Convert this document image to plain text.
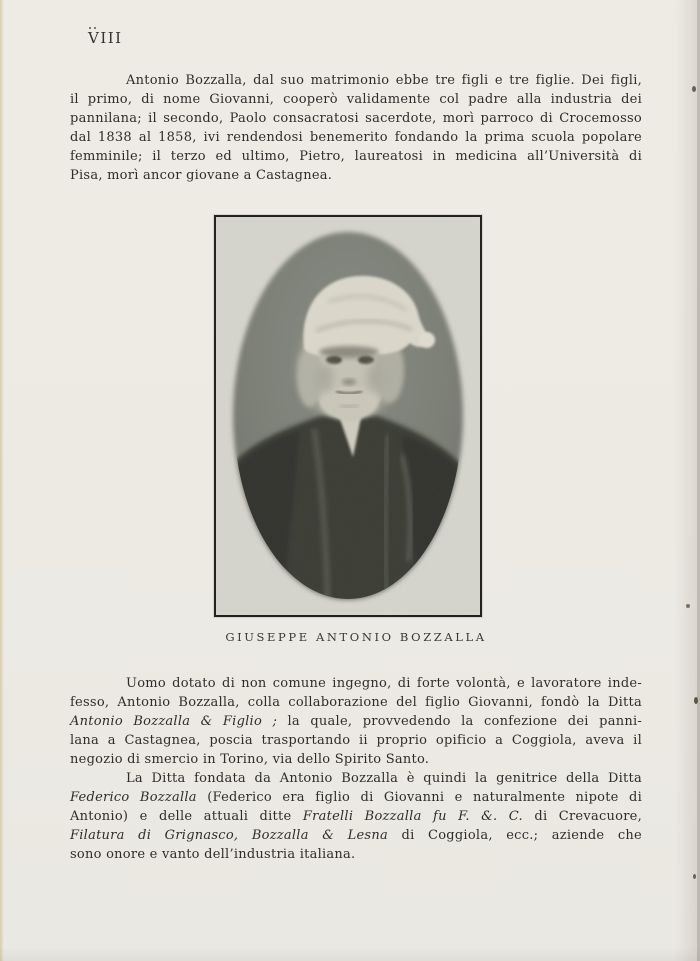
VIII
Antonio Bozzalla, dal suo matrimonio ebbe tre figli e tre figlie. Dei figli,
il primo, di nome Giovanni, cooperò validamente col padre alla industria dei
pannilana; il secondo, Paolo consacratosi sacerdote, morì parroco di Crocemosso
dal 1838 al 1858, ivi rendendosi benemerito fondando la prima scuola popolare
femminile; il terzo ed ultimo, Pietro, laureatosi in medicina all’Università di
Pisa, morì ancor giovane a Castagnea.
GIUSEPPE ANTONIO BOZZALLA
Uomo dotato di non comune ingegno, di forte volontà, e lavoratore inde-
fesso, Antonio Bozzalla, colla collaborazione del figlio Giovanni, fondò la Ditta
Antonio Bozzalla & Figlio ; la quale, provvedendo la confezione dei panni-
lana a Castagnea, poscia trasportando ii proprio opificio a Coggiola, aveva il
negozio di smercio in Torino, via dello Spirito Santo.
La Ditta fondata da Antonio Bozzalla è quindi la genitrice della Ditta
Federico Bozzalla (Federico era figlio di Giovanni e naturalmente nipote di
Antonio) e delle attuali ditte Fratelli Bozzalla fu F. &. C. di Crevacuore,
Filatura di Grignasco, Bozzalla & Lesna di Coggiola, ecc.; aziende che
sono onore e vanto dell’industria italiana.
